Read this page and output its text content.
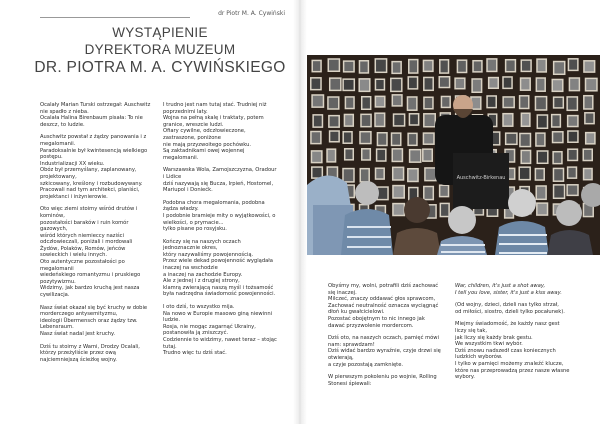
dr Piotr M. A. Cywiński
WYSTĄPIENIE
DYREKTORA MUZEUM
DR. PIOTRA M. A. CYWIŃSKIEGO

Ocalały Marian Turski ostrzegał: Auschwitz
nie spadło z nieba.
Ocalała Halina Birenbaum pisała: To nie
deszcz, to ludzie.

Auschwitz powstał z żądzy panowania i z
megalomanii.
Paradoksalnie był kwintesencją wielkiego
postępu.
Industrializacji XX wieku.
Obóz był przemyślany, zaplanowany,
projektowany,
szkicowany, kreślony i rozbudowywany.
Pracowali nad tym architekci, planiści,
projektanci i inżynierowie.

Oto więc ziemi stoimy wśród drutów i
kominów,
pozostałości baraków i ruin komór
gazowych,
wśród których niemieccy naziści
odczłowieczali, poniżali i mordowali
Żydów, Polaków, Romów, jeńców
sowieckich i wielu innych.
Oto autentyczne pozostałości po
megalomanii
wiedeńskiego romantyzmu i pruskiego
pozytywizmu.
Widzimy, jak bardzo kruchą jest nasza
cywilizacja.

Nasz świat okazał się być kruchy w dobie
morderczego antysemityzmu,
ideologii Übermensch oraz żądzy tzw.
Lebensraum.
Nasz świat nadal jest kruchy.

Dziś tu stoimy z Wami, Drodzy Ocalali,
którzy przeżyliście przez ową
najciemniejszą ścieżkę wojny.

I trudno jest nam tutaj stać. Trudniej niż
poprzednimi laty.
Wojna na pełną skalę i traktaty, potem
granice, wreszcie ludzi.
Ofiary cywilne, odczłowieczone,
zastraszone, poniżone
nie mają przyzwoitego pochówku.
Są zaktadnikami owej wojennej
megalomanii.

Warszawska Wola, Zamojszczyzna, Oradour
i Lidice
dziś nazywają się Bucza, Irpień, Hostomel,
Mariupol i Doniećk.

Podobna chora megalomania, podobna
żądza władzy.
I podobnie bramieje mity o wyjątkowości, o
wielkości, o prymacie...
tylko pisane po rosyjsku.

Kończy się na naszych oczach
jednoznacznie okres,
który nazywaliśmy powojennością.
Przez wiele dekad powojenność wyglądała
inaczej na wschodzie
a inaczej na zachodzie Europy.
Ale z jednej i z drugiej strony,
klamrą zwierającą naszą myśl i tożsamość
była nadrzędna świadomość powojenności.

I oto dziś, to wszystko mija.
Na nowo w Europie masowo giną niewinni
ludzie.
Rosja, nie mogąc zagarnąć Ukrainy,
postanowiła ją zniszczyć.
Codziennie to widzimy, nawet teraz – stojąc
tutaj.
Trudno więc tu dziś stać.

Auschwitz-Birkenau

Obyśmy my, wolni, potrafili dziś zachować
się inaczej.
Milczeć, znaczy oddawać głos sprawcom,
Zachować neutralność oznacza wyciągnąć
dłoń ku gwałcicielowi.
Pozostać obojętnym to nic innego jak
dawać przyzwolenie mordercom.

Dziś oto, na naszych oczach, pamięć mówi
nam: sprawdzam!
Dziś widać bardzo wyraźnie, czyje drzwi się
otwierają,
a czyje pozostają zamknięte.

W pierwszym pokoleniu po wojnie, Rolling
Stonesi śpiewali:

War, children, it's just a shot away,
I tell you love, sister, it's just a kiss away.

(Od wojny, dzieci, dzieli nas tylko strzał,
od miłości, siostro, dzieli tylko pocałunek).

Miejmy świadomość, że każdy nasz gest
liczy się tak,
jak liczy się każdy brak gestu.
We wszystkim tkwi wybór.
Dziś znowu nadszedł czas koniecznych
ludzkich wyborów.
I tylko w pamięci możemy znaleźć klucze,
które nas przeprowadzą przez nasze własne
wybory.
